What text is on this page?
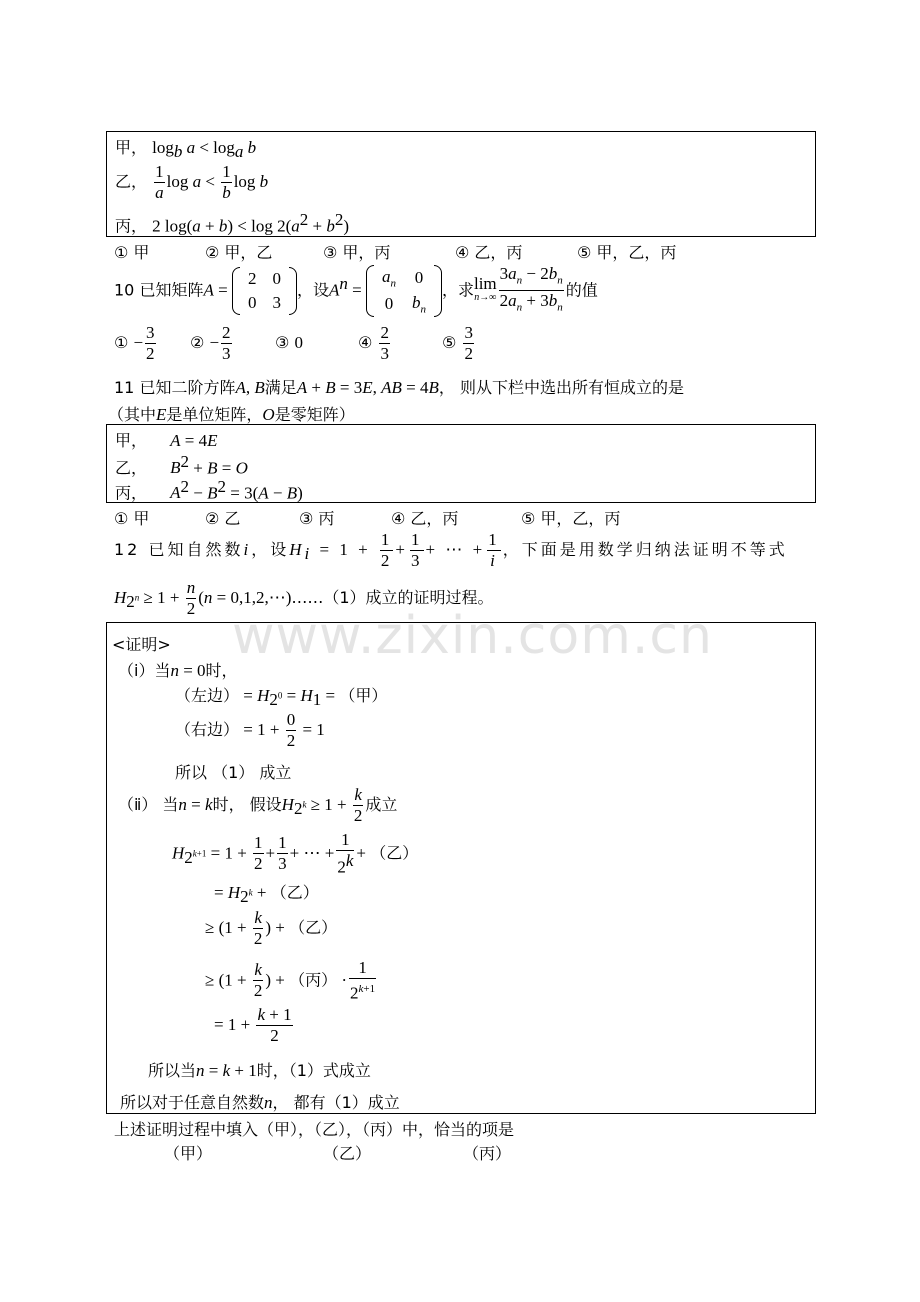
www.zixin.com.cn
甲， $\log_b a < \log_a b$
乙， $\frac{1}{a}$ $\log a < \frac{1}{b}$ log b
丙， 2 $\log(a + b) < \log 2(a^2 + b^2)$
① 甲	② 甲，乙	③ 甲，丙	④ 乙，丙	⑤ 甲，乙，丙
10 已知矩阵A =
2	0
0	3
，设$A^n$ =
$a_n$	0
0	$b_n$
，求lim
$n\to\infty \frac{3a_n - 2b_n}{2a_n + 3b_n}$ 的值
① − $\frac{3}{2}$ ② − $\frac{2}{3}$	③ 0	④ $\frac{2}{3}$	⑤ $\frac{3}{2}$
11 已知二阶方阵A, B满足A + B = 3E, AB = 4B， 则从下栏中选出所有恒成立的是
（其中E是单位矩阵，O是零矩阵）
甲， A = 4E
乙， $B^2 + B = O$
丙， $A^2 - B^2 = 3(A - B)$
① 甲	② 乙	③ 丙	④ 乙，丙	⑤ 甲，乙，丙
12 已知自然数i，设$H_i = 1 + \frac{1}{2} + \frac{1}{3}$ + ⋯ + $\frac{1}{i}$ ，下面是用数学归纳法证明不等式
$H_{2^n} \ge 1 + \frac{n}{2} (n$ = 0,1,2,⋯)……（1）成立的证明过程。
<证明>
（ⅰ）当n = 0时，
（左边） = $H_{2^0} = H_1$ = （甲）
（右边） = $1 + \frac{0}{2} = 1$
所以 （1） 成立
（ⅱ） 当n = k时， 假设$H_{2^k} \ge 1 + \frac{k}{2}$ 成立
$H_{2^{k+1}} = 1 + \frac{1}{2} + \frac{1}{3}$ + ⋯ + $\frac{1}{2^k}$ + （乙）
= $H_{2^k}$ + （乙）
≥ ($1 + \frac{k}{2}$ ) + （乙）
≥ ($1 + \frac{k}{2}$ ) + （丙） · $\frac{1}{2^{k+1}}$
= $1 + \frac{k + 1}{2}$
所以当n = k + 1时，（1）式成立
所以对于任意自然数n， 都有（1）成立
上述证明过程中填入（甲），（乙），（丙）中，恰当的项是
（甲）	（乙）	（丙）
